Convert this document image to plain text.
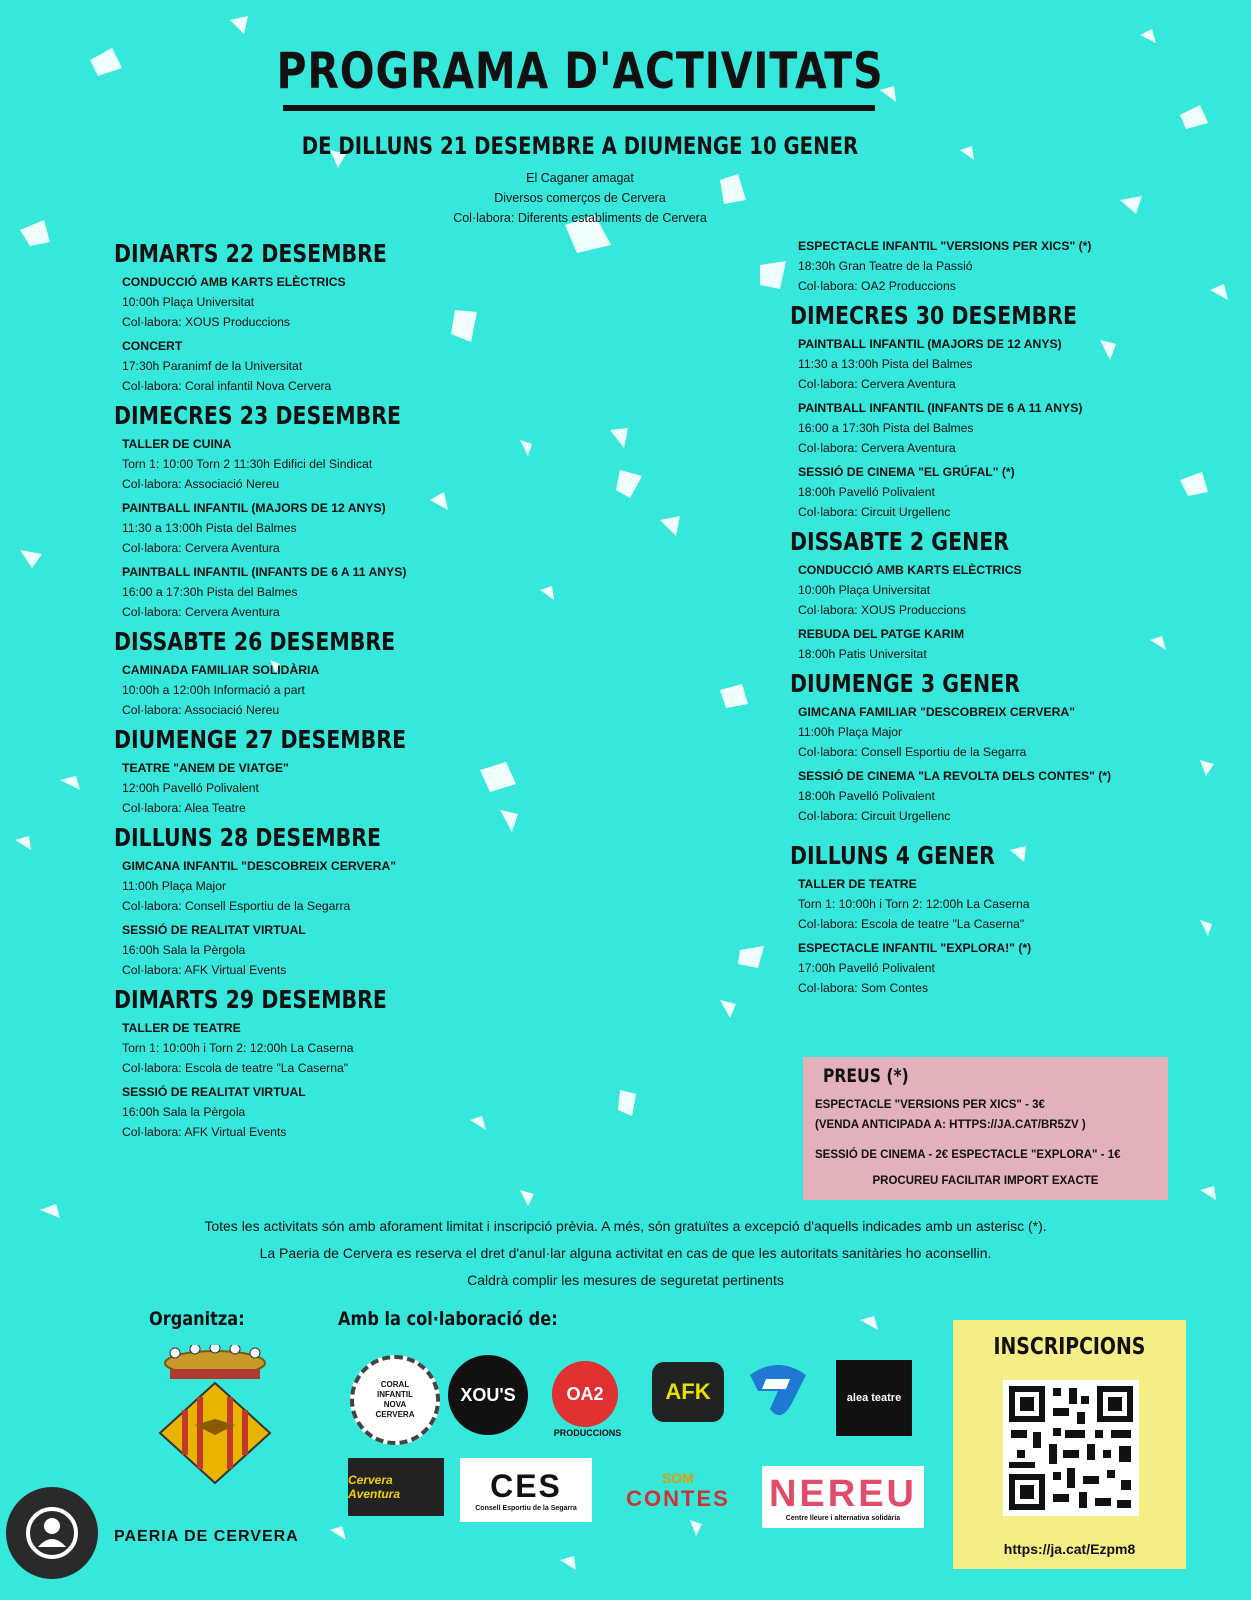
PROGRAMA D'ACTIVITATS
DE DILLUNS 21 DESEMBRE A DIUMENGE 10 GENER
El Caganer amagat
Diversos comerços de Cervera
Col·labora: Diferents establiments de Cervera
DIMARTS 22 DESEMBRE
CONDUCCIÓ AMB KARTS ELÈCTRICS
10:00h Plaça Universitat
Col·labora: XOUS Produccions
CONCERT
17:30h Paranimf de la Universitat
Col·labora: Coral infantil Nova Cervera
DIMECRES 23 DESEMBRE
TALLER DE CUINA
Torn 1: 10:00 Torn 2 11:30h Edifici del Sindicat
Col·labora: Associació Nereu
PAINTBALL INFANTIL (MAJORS DE 12 ANYS)
11:30 a 13:00h Pista del Balmes
Col·labora: Cervera Aventura
PAINTBALL INFANTIL (INFANTS DE 6 A 11 ANYS)
16:00 a 17:30h Pista del Balmes
Col·labora: Cervera Aventura
DISSABTE 26 DESEMBRE
CAMINADA FAMILIAR SOLIDÀRIA
10:00h a 12:00h Informació a part
Col·labora: Associació Nereu
DIUMENGE 27 DESEMBRE
TEATRE "ANEM DE VIATGE"
12:00h Pavelló Polivalent
Col·labora: Alea Teatre
DILLUNS 28 DESEMBRE
GIMCANA INFANTIL "DESCOBREIX CERVERA"
11:00h Plaça Major
Col·labora: Consell Esportiu de la Segarra
SESSIÓ DE REALITAT VIRTUAL
16:00h Sala la Pèrgola
Col·labora: AFK Virtual Events
DIMARTS 29 DESEMBRE
TALLER DE TEATRE
Torn 1: 10:00h i Torn 2: 12:00h La Caserna
Col·labora: Escola de teatre "La Caserna"
SESSIÓ DE REALITAT VIRTUAL
16:00h Sala la Pèrgola
Col·labora: AFK Virtual Events
ESPECTACLE INFANTIL "VERSIONS PER XICS" (*)
18:30h Gran Teatre de la Passió
Col·labora: OA2 Produccions
DIMECRES 30 DESEMBRE
PAINTBALL INFANTIL (MAJORS DE 12 ANYS)
11:30 a 13:00h Pista del Balmes
Col·labora: Cervera Aventura
PAINTBALL INFANTIL (INFANTS DE 6 A 11 ANYS)
16:00 a 17:30h Pista del Balmes
Col·labora: Cervera Aventura
SESSIÓ DE CINEMA "EL GRÚFAL" (*)
18:00h Pavelló Polivalent
Col·labora: Circuit Urgellenc
DISSABTE 2 GENER
CONDUCCIÓ AMB KARTS ELÈCTRICS
10:00h Plaça Universitat
Col·labora: XOUS Produccions
REBUDA DEL PATGE KARIM
18:00h Patis Universitat
DIUMENGE 3 GENER
GIMCANA FAMILIAR "DESCOBREIX CERVERA"
11:00h Plaça Major
Col·labora: Consell Esportiu de la Segarra
SESSIÓ DE CINEMA "LA REVOLTA DELS CONTES" (*)
18:00h Pavelló Polivalent
Col·labora: Circuit Urgellenc
DILLUNS 4 GENER
TALLER DE TEATRE
Torn 1: 10:00h i Torn 2: 12:00h La Caserna
Col·labora: Escola de teatre "La Caserna"
ESPECTACLE INFANTIL "EXPLORA!" (*)
17:00h Pavelló Polivalent
Col·labora: Som Contes
PREUS (*)
ESPECTACLE "VERSIONS PER XICS" - 3€
(VENDA ANTICIPADA A: HTTPS://JA.CAT/BR5ZV )
SESSIÓ DE CINEMA - 2€ ESPECTACLE "EXPLORA" - 1€
PROCUREU FACILITAR IMPORT EXACTE
Totes les activitats són amb aforament limitat i inscripció prèvia. A més, són gratuïtes a excepció d'aquells indicades amb un asterisc (*).
La Paeria de Cervera es reserva el dret d'anul·lar alguna activitat en cas de que les autoritats sanitàries ho aconsellin.
Caldrà complir les mesures de seguretat pertinents
Organitza:	Amb la col·laboració de:
PAERIA DE CERVERA
CORAL
INFANTIL
NOVA
CERVERA
XOU'S	OA2
PRODUCCIONS
AFK	alea teatre
Cervera Aventura	CES
Consell Esportiu de la Segarra
SOM
CONTES NEREU
Centre lleure i alternativa solidària
INSCRIPCIONS
https://ja.cat/Ezpm8
